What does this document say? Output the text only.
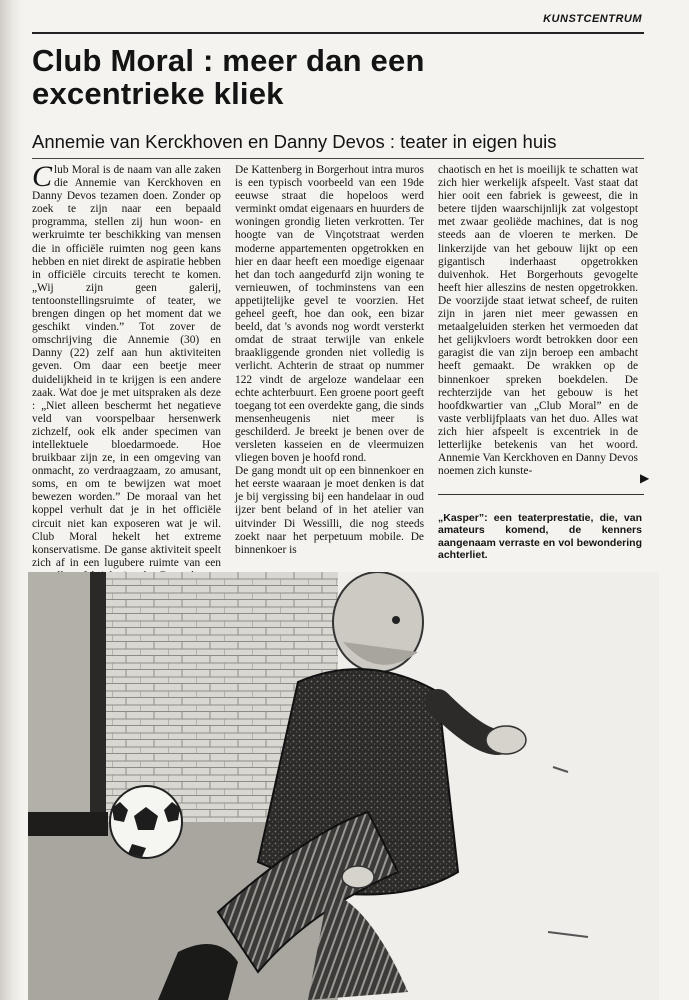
KUNSTCENTRUM
Club Moral : meer dan een excentrieke kliek
Annemie van Kerckhoven en Danny Devos : teater in eigen huis
C lub Moral is de naam van alle zaken die Annemie van Kerckhoven en Danny Devos tezamen doen. Zonder op zoek te zijn naar een bepaald programma, stellen zij hun woon- en werkruimte ter beschikking van mensen die in officiële ruimten nog geen kans hebben en niet direkt de aspiratie hebben in officiële circuits terecht te komen. „Wij zijn geen galerij, tentoonstellingsruimte of teater, we brengen dingen op het moment dat we geschikt vinden.” Tot zover de omschrijving die Annemie (30) en Danny (22) zelf aan hun aktiviteiten geven. Om daar een beetje meer duidelijkheid in te krijgen is een andere zaak. Wat doe je met uitspraken als deze : „Niet alleen beschermt het negatieve veld van voorspelbaar hersenwerk zichzelf, ook elk ander specimen van intellektuele bloedarmoede. Hoe bruikbaar zijn ze, in een omgeving van onmacht, zo verdraagzaam, zo amusant, soms, en om te bewijzen wat moet bewezen worden.” De moraal van het koppel verhult dat je in het officiële circuit niet kan exposeren wat je wil. Club Moral hekelt het extreme konservatisme. De ganse aktiviteit speelt zich af in een lugubere ruimte van een

De Kattenberg in Borgerhout intra muros is een typisch voorbeeld van een 19de eeuwse straat die hopeloos werd verminkt omdat eigenaars en huurders de woningen grondig lieten verkrotten. Ter hoogte van de Vinçotstraat werden moderne appartementen opgetrokken en hier en daar heeft een moedige eigenaar het dan toch aangedurfd zijn woning te vernieuwen, of tochminstens van een appetijtelijke gevel te voorzien. Het geheel geeft, hoe dan ook, een bizar beeld, dat 's avonds nog wordt versterkt omdat de straat terwijle van enkele braakliggende gronden niet volledig is verlicht. Achterin de straat op nummer 122 vindt de argeloze wandelaar een echte achterbuurt. Een groene poort geeft toegang tot een overdekte gang, die sinds mensenheugenis niet meer is geschilderd. Je breekt je benen over de versleten kasseien en de vleermuizen vliegen boven je hoofd rond.
De gang mondt uit op een binnenkoer en het eerste waaraan je moet denken is dat je bij vergissing bij een handelaar in oud ijzer bent beland of in het atelier van uitvinder Di Wessilli, die nog steeds zoekt naar het perpetuum mobile. De binnenkoer is

chaotisch en het is moeilijk te schatten wat zich hier werkelijk afspeelt. Vast staat dat hier ooit een fabriek is geweest, die in betere tijden waarschijnlijk zat volgestopt met zwaar geoliëde machines, dat is nog steeds aan de vloeren te merken. De linkerzijde van het gebouw lijkt op een gigantisch inderhaast opgetrokken duivenhok. Het Borgerhouts gevogelte heeft hier alleszins de nesten opgetrokken. De voorzijde staat ietwat scheef, de ruiten zijn in jaren niet meer gewassen en metaalgeluiden sterken het vermoeden dat het gelijkvloers wordt betrokken door een garagist die van zijn beroep een ambacht heeft gemaakt. De wrakken op de binnenkoer spreken boekdelen. De rechterzijde van het gebouw is het hoofdkwartier van „Club Moral” en de vaste verblijfplaats van het duo. Alles wat zich hier afspeelt is excentriek in de letterlijke betekenis van het woord. Annemie Van Kerckhoven en Danny Devos noemen zich kunste-	▶

„Kasper”: een teaterprestatie, die, van amateurs komend, de kenners aangenaam verraste en vol bewondering achterliet.
